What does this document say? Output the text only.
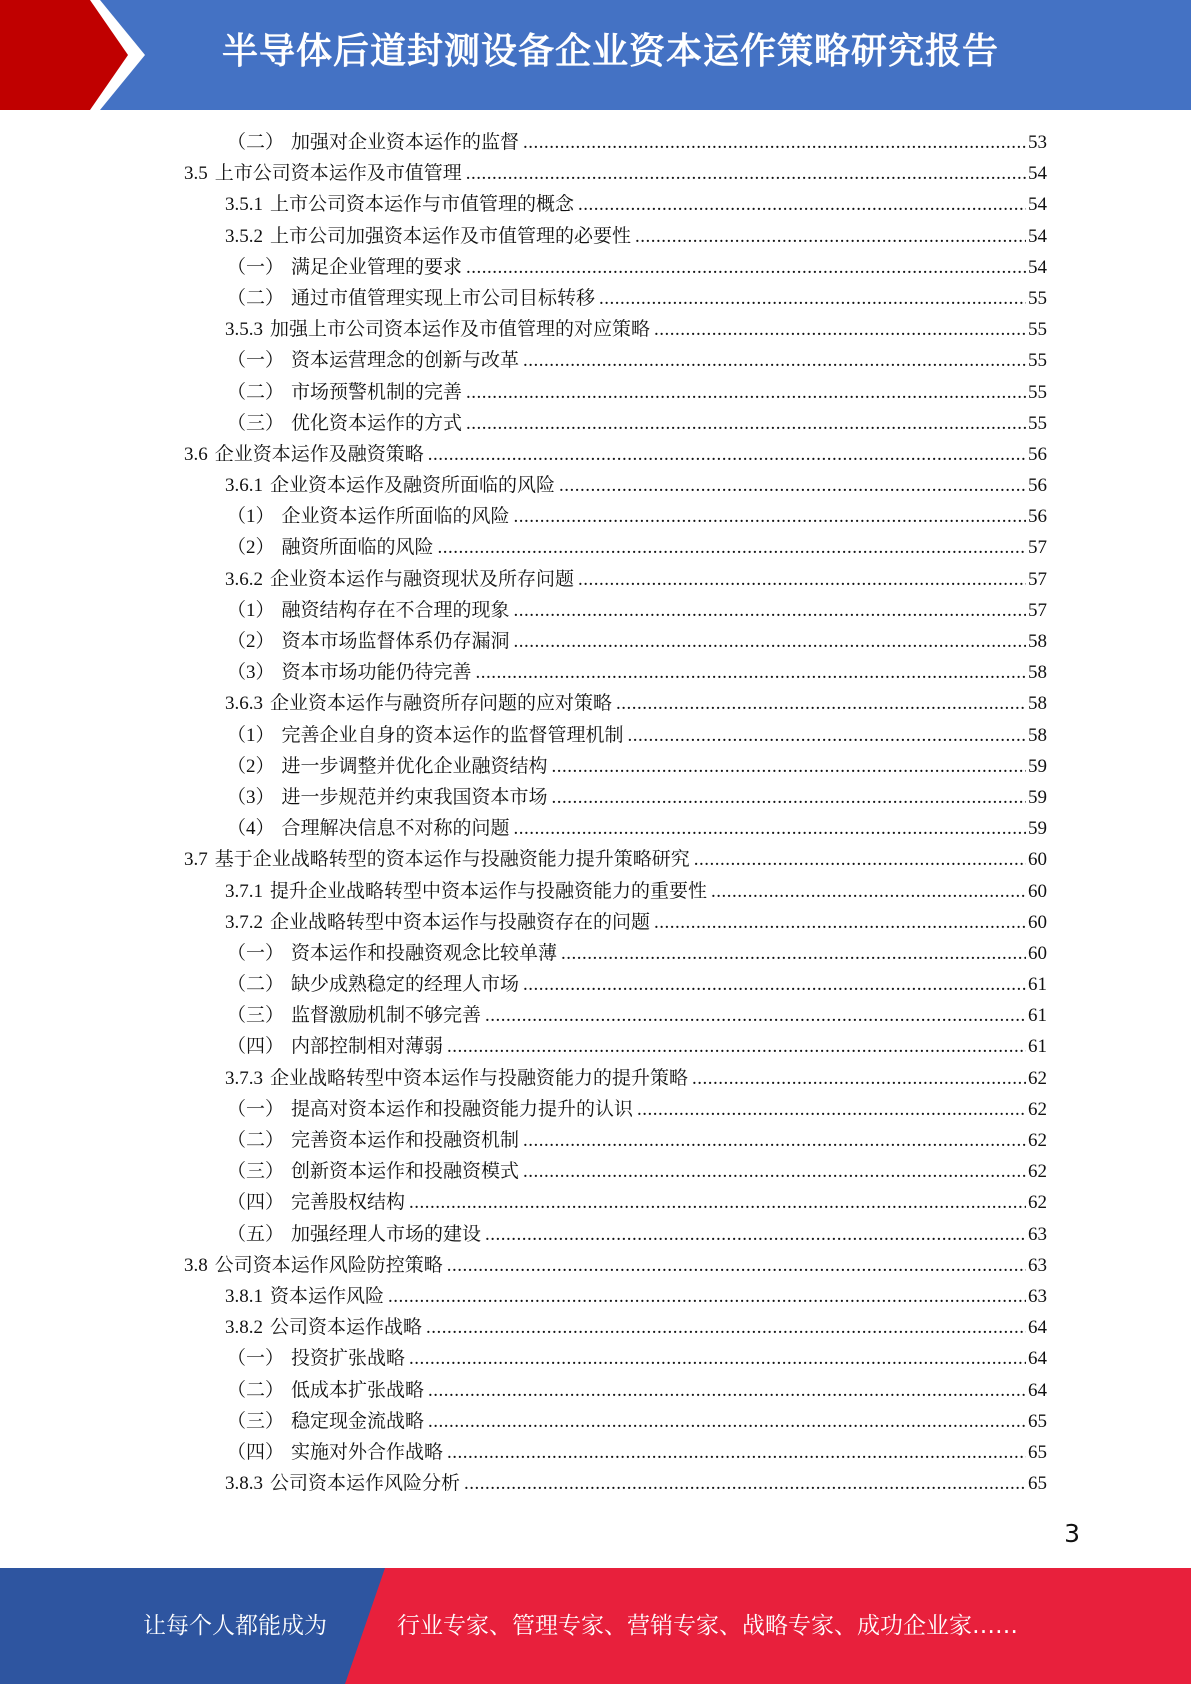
半导体后道封测设备企业资本运作策略研究报告
（二） 加强对企业资本运作的监督 .....	53
3.5 上市公司资本运作及市值管理 .....	54
3.5.1 上市公司资本运作与市值管理的概念 .....	54
3.5.2 上市公司加强资本运作及市值管理的必要性 .....	54
（一） 满足企业管理的要求 .....	54
（二） 通过市值管理实现上市公司目标转移 .....	55
3.5.3 加强上市公司资本运作及市值管理的对应策略 .....	55
（一） 资本运营理念的创新与改革 .....	55
（二） 市场预警机制的完善 .....	55
（三） 优化资本运作的方式 .....	55
3.6 企业资本运作及融资策略 .....	56
3.6.1 企业资本运作及融资所面临的风险 .....	56
（1） 企业资本运作所面临的风险 .....	56
（2） 融资所面临的风险 .....	57
3.6.2 企业资本运作与融资现状及所存问题 .....	57
（1） 融资结构存在不合理的现象 .....	57
（2） 资本市场监督体系仍存漏洞 .....	58
（3） 资本市场功能仍待完善 .....	58
3.6.3 企业资本运作与融资所存问题的应对策略 .....	58
（1） 完善企业自身的资本运作的监督管理机制 .....	58
（2） 进一步调整并优化企业融资结构 .....	59
（3） 进一步规范并约束我国资本市场 .....	59
（4） 合理解决信息不对称的问题 .....	59
3.7 基于企业战略转型的资本运作与投融资能力提升策略研究 .....	60
3.7.1 提升企业战略转型中资本运作与投融资能力的重要性 .....	60
3.7.2 企业战略转型中资本运作与投融资存在的问题 .....	60
（一） 资本运作和投融资观念比较单薄 .....	60
（二） 缺少成熟稳定的经理人市场 .....	61
（三） 监督激励机制不够完善 .....	61
（四） 内部控制相对薄弱 .....	61
3.7.3 企业战略转型中资本运作与投融资能力的提升策略 .....	62
（一） 提高对资本运作和投融资能力提升的认识 .....	62
（二） 完善资本运作和投融资机制 .....	62
（三） 创新资本运作和投融资模式 .....	62
（四） 完善股权结构 .....	62
（五） 加强经理人市场的建设 .....	63
3.8 公司资本运作风险防控策略 .....	63
3.8.1 资本运作风险 .....	63
3.8.2 公司资本运作战略 .....	64
（一） 投资扩张战略 .....	64
（二） 低成本扩张战略 .....	64
（三） 稳定现金流战略 .....	65
（四） 实施对外合作战略 .....	65
3.8.3 公司资本运作风险分析 .....	65
3
让每个人都能成为	行业专家、管理专家、营销专家、战略专家、成功企业家……
